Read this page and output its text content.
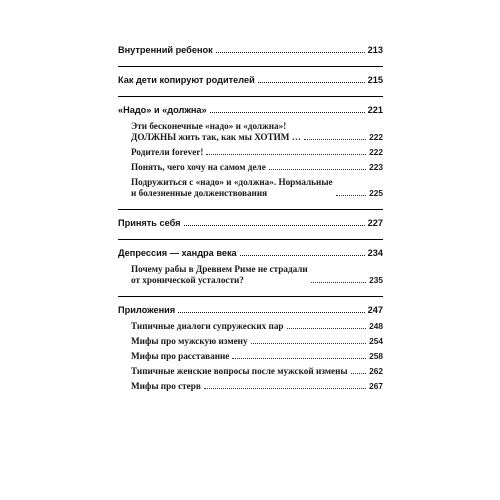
Внутренний ребенок	213
Как дети копируют родителей	215
«Надо» и «должна»	221
Эти бесконечные «надо» и «должна»!
ДОЛЖНЫ жить так, как мы ХОТИМ …	222
Родители forever!	222
Понять, чего хочу на самом деле	223
Подружиться с «надо» и «должна». Нормальные
и болезненные долженствования	225
Принять себя	227
Депрессия — хандра века	234
Почему рабы в Древнем Риме не страдали
от хронической усталости?	235
Приложения	247
Типичные диалоги супружеских пар	248
Мифы про мужскую измену	254
Мифы про расставание	258
Типичные женские вопросы после мужской измены	262
Мифы про стерв	267
